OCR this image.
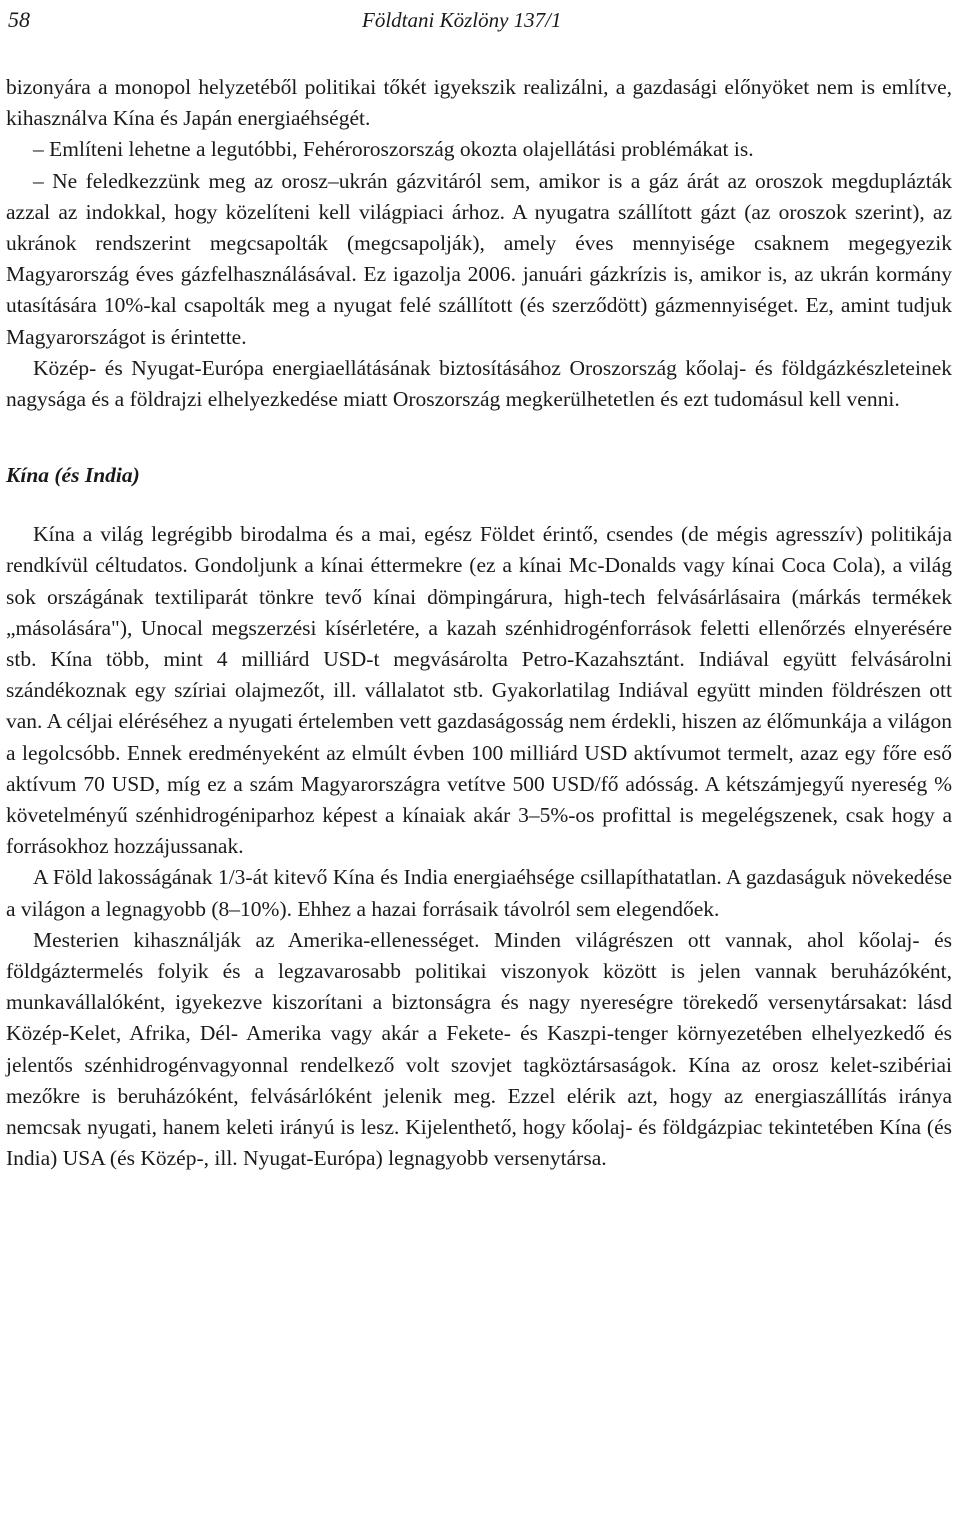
58	Földtani Közlöny 137/1

bizonyára a monopol helyzetéből politikai tőkét igyekszik realizálni, a gazdasági előnyöket nem is említve, kihasználva Kína és Japán energiaéhségét.

– Említeni lehetne a legutóbbi, Fehéroroszország okozta olajellátási problémákat is.

– Ne feledkezzünk meg az orosz–ukrán gázvitáról sem, amikor is a gáz árát az oroszok megduplázták azzal az indokkal, hogy közelíteni kell világpiaci árhoz. A nyugatra szállított gázt (az oroszok szerint), az ukránok rendszerint megcsapolták (megcsapolják), amely éves mennyisége csaknem megegyezik Magyarország éves gázfelhasználásával. Ez igazolja 2006. januári gázkrízis is, amikor is, az ukrán kormány utasítására 10%-kal csapolták meg a nyugat felé szállított (és szerződött) gázmennyiséget. Ez, amint tudjuk Magyarországot is érintette.

Közép- és Nyugat-Európa energiaellátásának biztosításához Oroszország kőolaj- és földgázkészleteinek nagysága és a földrajzi elhelyezkedése miatt Oroszország megkerülhetetlen és ezt tudomásul kell venni.

Kína (és India)

Kína a világ legrégibb birodalma és a mai, egész Földet érintő, csendes (de mégis agresszív) politikája rendkívül céltudatos. Gondoljunk a kínai éttermekre (ez a kínai Mc-Donalds vagy kínai Coca Cola), a világ sok országának textiliparát tönkre tevő kínai dömpingárura, high-tech felvásárlásaira (márkás termékek „másolására"), Unocal megszerzési kísérletére, a kazah szénhidrogénforrások feletti ellenőrzés elnyerésére stb. Kína több, mint 4 milliárd USD-t megvásárolta Petro-Kazahsztánt. Indiával együtt felvásárolni szándékoznak egy szíriai olajmezőt, ill. vállalatot stb. Gyakorlatilag Indiával együtt minden földrészen ott van. A céljai eléréséhez a nyugati értelemben vett gazdaságosság nem érdekli, hiszen az élőmunkája a világon a legolcsóbb. Ennek eredményeként az elmúlt évben 100 milliárd USD aktívumot termelt, azaz egy főre eső aktívum 70 USD, míg ez a szám Magyarországra vetítve 500 USD/fő adósság. A kétszámjegyű nyereség % követelményű szénhidrogéniparhoz képest a kínaiak akár 3–5%-os profittal is megelégszenek, csak hogy a forrásokhoz hozzájussanak.

A Föld lakosságának 1/3-át kitevő Kína és India energiaéhsége csillapíthatatlan. A gazdaságuk növekedése a világon a legnagyobb (8–10%). Ehhez a hazai forrásaik távolról sem elegendőek.

Mesterien kihasználják az Amerika-ellenességet. Minden világrészen ott vannak, ahol kőolaj- és földgáztermelés folyik és a legzavarosabb politikai viszonyok között is jelen vannak beruházóként, munkavállalóként, igyekezve kiszorítani a biztonságra és nagy nyereségre törekedő versenytársakat: lásd Közép-Kelet, Afrika, Dél- Amerika vagy akár a Fekete- és Kaszpi-tenger környezetében elhelyezkedő és jelentős szénhidrogénvagyonnal rendelkező volt szovjet tagköztársaságok. Kína az orosz kelet-szibériai mezőkre is beruházóként, felvásárlóként jelenik meg. Ezzel elérik azt, hogy az energiaszállítás iránya nemcsak nyugati, hanem keleti irányú is lesz. Kijelenthető, hogy kőolaj- és földgázpiac tekintetében Kína (és India) USA (és Közép-, ill. Nyugat-Európa) legnagyobb versenytársa.
